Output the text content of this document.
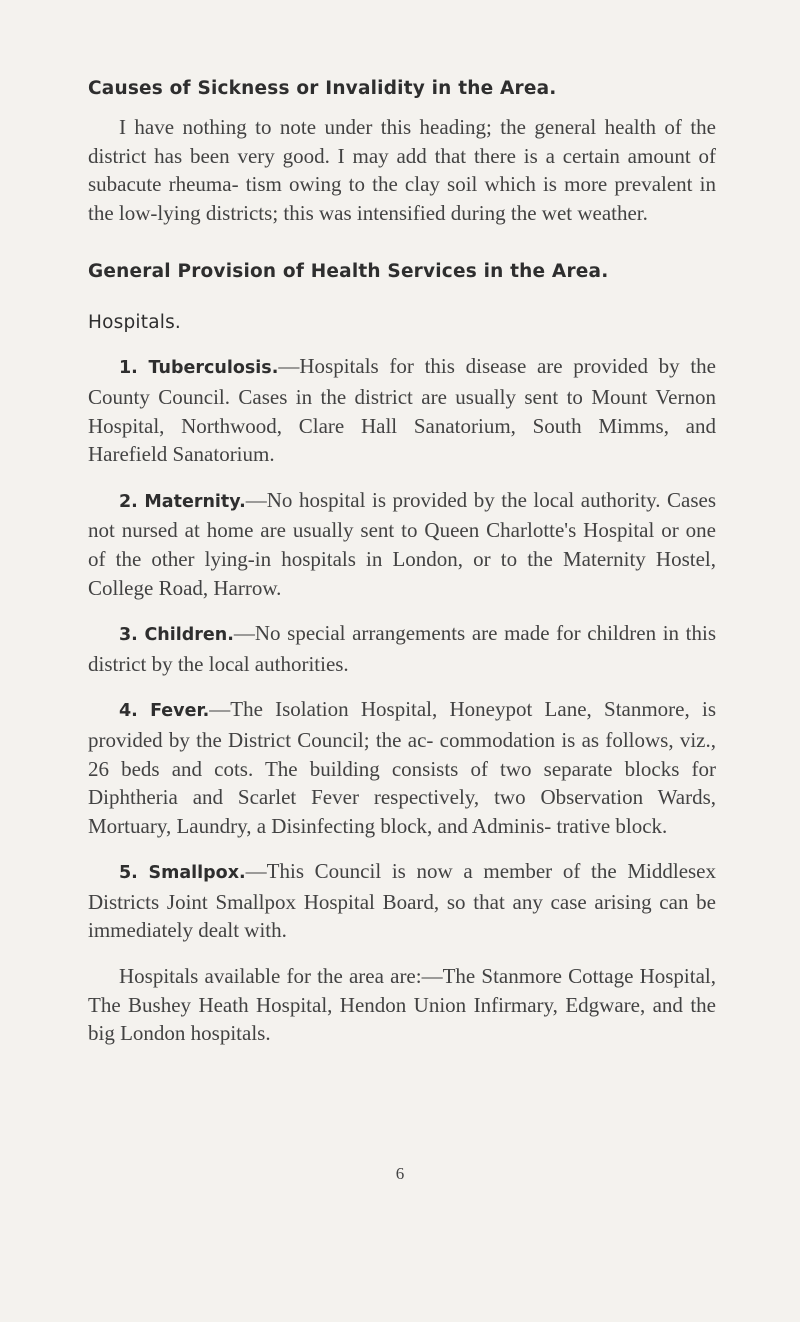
Causes of Sickness or Invalidity in the Area.

I have nothing to note under this heading; the general health of the district has been very good. I may add that there is a certain amount of subacute rheuma- tism owing to the clay soil which is more prevalent in the low-lying districts; this was intensified during the wet weather.

General Provision of Health Services in the Area.
Hospitals.

1. Tuberculosis.—Hospitals for this disease are provided by the County Council. Cases in the district are usually sent to Mount Vernon Hospital, Northwood, Clare Hall Sanatorium, South Mimms, and Harefield Sanatorium.

2. Maternity.—No hospital is provided by the local authority. Cases not nursed at home are usually sent to Queen Charlotte's Hospital or one of the other lying-in hospitals in London, or to the Maternity Hostel, College Road, Harrow.

3. Children.—No special arrangements are made for children in this district by the local authorities.

4. Fever.—The Isolation Hospital, Honeypot Lane, Stanmore, is provided by the District Council; the ac- commodation is as follows, viz., 26 beds and cots. The building consists of two separate blocks for Diphtheria and Scarlet Fever respectively, two Observation Wards, Mortuary, Laundry, a Disinfecting block, and Adminis- trative block.

5. Smallpox.—This Council is now a member of the Middlesex Districts Joint Smallpox Hospital Board, so that any case arising can be immediately dealt with.

Hospitals available for the area are:—The Stanmore Cottage Hospital, The Bushey Heath Hospital, Hendon Union Infirmary, Edgware, and the big London hospitals.

6
